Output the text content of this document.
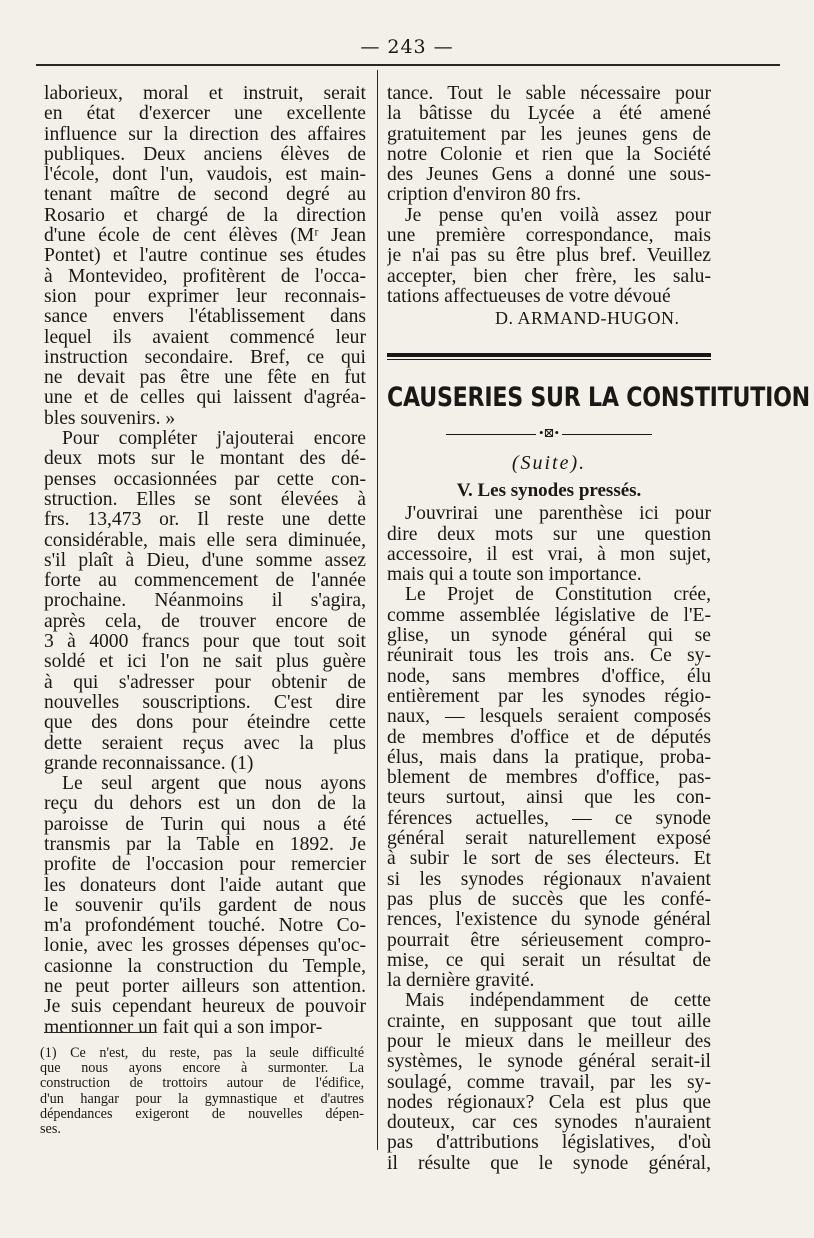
— 243 —
laborieux, moral et instruit, serait
en état d'exercer une excellente
influence sur la direction des affaires
publiques. Deux anciens élèves de
l'école, dont l'un, vaudois, est main-
tenant maître de second degré au
Rosario et chargé de la direction
d'une école de cent élèves (Mʳ Jean
Pontet) et l'autre continue ses études
à Montevideo, profitèrent de l'occa-
sion pour exprimer leur reconnais-
sance envers l'établissement dans
lequel ils avaient commencé leur
instruction secondaire. Bref, ce qui
ne devait pas être une fête en fut
une et de celles qui laissent d'agréa-
bles souvenirs. »
Pour compléter j'ajouterai encore
deux mots sur le montant des dé-
penses occasionnées par cette con-
struction. Elles se sont élevées à
frs. 13,473 or. Il reste une dette
considérable, mais elle sera diminuée,
s'il plaît à Dieu, d'une somme assez
forte au commencement de l'année
prochaine. Néanmoins il s'agira,
après cela, de trouver encore de
3 à 4000 francs pour que tout soit
soldé et ici l'on ne sait plus guère
à qui s'adresser pour obtenir de
nouvelles souscriptions. C'est dire
que des dons pour éteindre cette
dette seraient reçus avec la plus
grande reconnaissance. (1)
Le seul argent que nous ayons
reçu du dehors est un don de la
paroisse de Turin qui nous a été
transmis par la Table en 1892. Je
profite de l'occasion pour remercier
les donateurs dont l'aide autant que
le souvenir qu'ils gardent de nous
m'a profondément touché. Notre Co-
lonie, avec les grosses dépenses qu'oc-
casionne la construction du Temple,
ne peut porter ailleurs son attention.
Je suis cependant heureux de pouvoir
mentionner un fait qui a son impor-
tance. Tout le sable nécessaire pour
la bâtisse du Lycée a été amené
gratuitement par les jeunes gens de
notre Colonie et rien que la Société
des Jeunes Gens a donné une sous-
cription d'environ 80 frs.
Je pense qu'en voilà assez pour
une première correspondance, mais
je n'ai pas su être plus bref. Veuillez
accepter, bien cher frère, les salu-
tations affectueuses de votre dévoué
D. ARMAND-HUGON.
CAUSERIES SUR LA CONSTITUTION
•⊠•
(Suite).
V. Les synodes pressés.
J'ouvrirai une parenthèse ici pour
dire deux mots sur une question
accessoire, il est vrai, à mon sujet,
mais qui a toute son importance.
Le Projet de Constitution crée,
comme assemblée législative de l'E-
glise, un synode général qui se
réunirait tous les trois ans. Ce sy-
node, sans membres d'office, élu
entièrement par les synodes régio-
naux, — lesquels seraient composés
de membres d'office et de députés
élus, mais dans la pratique, proba-
blement de membres d'office, pas-
teurs surtout, ainsi que les con-
férences actuelles, — ce synode
général serait naturellement exposé
à subir le sort de ses électeurs. Et
si les synodes régionaux n'avaient
pas plus de succès que les confé-
rences, l'existence du synode général
pourrait être sérieusement compro-
mise, ce qui serait un résultat de
la dernière gravité.
Mais indépendamment de cette
crainte, en supposant que tout aille
pour le mieux dans le meilleur des
systèmes, le synode général serait-il
soulagé, comme travail, par les sy-
nodes régionaux? Cela est plus que
douteux, car ces synodes n'auraient
pas d'attributions législatives, d'où
il résulte que le synode général,
(1) Ce n'est, du reste, pas la seule difficulté
que nous ayons encore à surmonter. La
construction de trottoirs autour de l'édifice,
d'un hangar pour la gymnastique et d'autres
dépendances exigeront de nouvelles dépen-
ses.
